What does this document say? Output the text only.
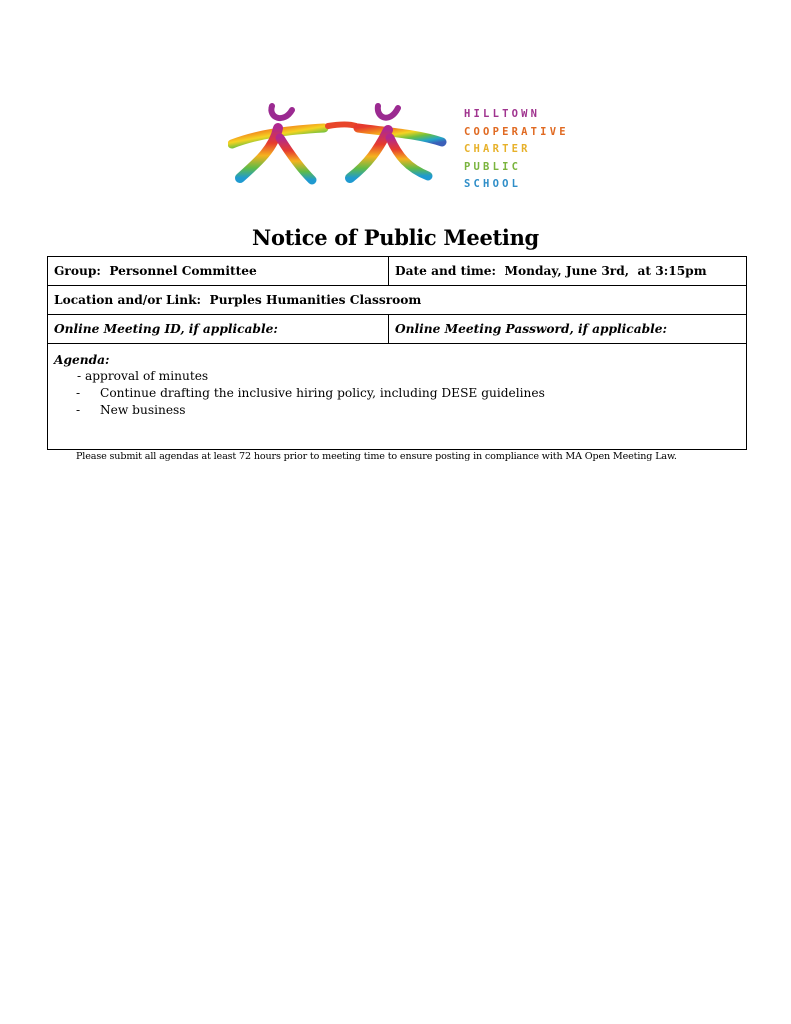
HILLTOWN
COOPERATIVE
CHARTER
PUBLIC
SCHOOL
Notice of Public Meeting
Group: Personnel Committee	Date and time: Monday, June 3rd,  at 3:15pm
Location and/or Link: Purples Humanities Classroom	
Online Meeting ID, if applicable:	Online Meeting Password, if applicable:

Agenda:
- approval of minutes
- Continue drafting the inclusive hiring policy, including DESE guidelines
- New business	
Please submit all agendas at least 72 hours prior to meeting time to ensure posting in compliance with MA Open Meeting Law.
